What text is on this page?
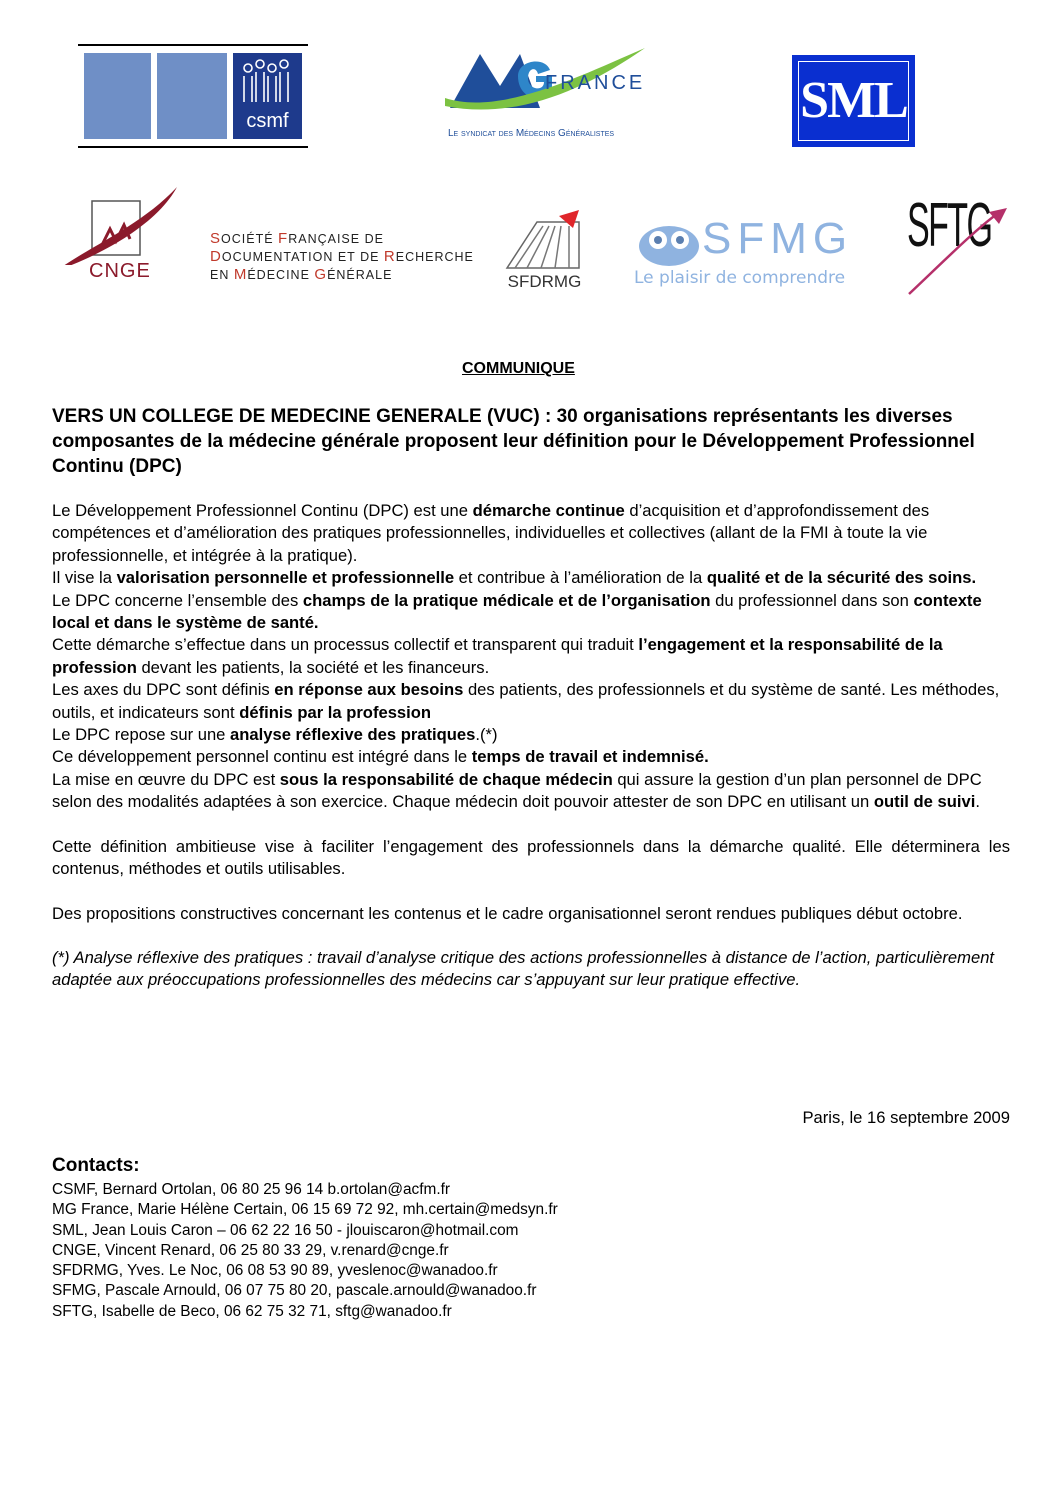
csmf
FRANCE
Le syndicat des Médecins Généralistes
SML
CNGE
SOCIÉTÉ FRANÇAISE DE
DOCUMENTATION ET DE RECHERCHE
EN MÉDECINE GÉNÉRALE	SFDRMG
SFMG
Le plaisir de comprendre
SFTG
COMMUNIQUE
VERS UN COLLEGE DE MEDECINE GENERALE (VUC) : 30 organisations représentants les diverses composantes de la médecine générale proposent leur définition pour le Développement Professionnel Continu (DPC)

Le Développement Professionnel Continu (DPC) est une démarche continue d’acquisition et d’approfondissement des compétences et d’amélioration des pratiques professionnelles, individuelles et collectives (allant de la FMI à toute la vie professionnelle, et intégrée à la pratique).

Il vise la valorisation personnelle et professionnelle et contribue à l’amélioration de la qualité et de la sécurité des soins.

Le DPC concerne l’ensemble des champs de la pratique médicale et de l’organisation du professionnel dans son contexte local et dans le système de santé.

Cette démarche s’effectue dans un processus collectif et transparent qui traduit l’engagement et la responsabilité de la profession devant les patients, la société et les financeurs.

Les axes du DPC sont définis en réponse aux besoins des patients, des professionnels et du système de santé. Les méthodes, outils, et indicateurs sont définis par la profession

Le DPC repose sur une analyse réflexive des pratiques.(*)

Ce développement personnel continu est intégré dans le temps de travail et indemnisé.

La mise en œuvre du DPC est sous la responsabilité de chaque médecin qui assure la gestion d’un plan personnel de DPC selon des modalités adaptées à son exercice. Chaque médecin doit pouvoir attester de son DPC en utilisant un outil de suivi.

Cette définition ambitieuse vise à faciliter l’engagement des professionnels dans la démarche qualité. Elle déterminera les contenus, méthodes et outils utilisables.

Des propositions constructives concernant les contenus et le cadre organisationnel seront rendues publiques début octobre.

(*) Analyse réflexive des pratiques : travail d’analyse critique des actions professionnelles à distance de l’action, particulièrement adaptée aux préoccupations professionnelles des médecins car s’appuyant sur leur pratique effective.

Paris, le 16 septembre 2009
Contacts:
CSMF, Bernard Ortolan, 06 80 25 96 14 b.ortolan@acfm.fr
MG France, Marie Hélène Certain, 06 15 69 72 92, mh.certain@medsyn.fr
SML, Jean Louis Caron – 06 62 22 16 50 - jlouiscaron@hotmail.com
CNGE, Vincent Renard, 06 25 80 33 29, v.renard@cnge.fr
SFDRMG, Yves. Le Noc, 06 08 53 90 89, yveslenoc@wanadoo.fr
SFMG, Pascale Arnould, 06 07 75 80 20, pascale.arnould@wanadoo.fr
SFTG, Isabelle de Beco, 06 62 75 32 71, sftg@wanadoo.fr
